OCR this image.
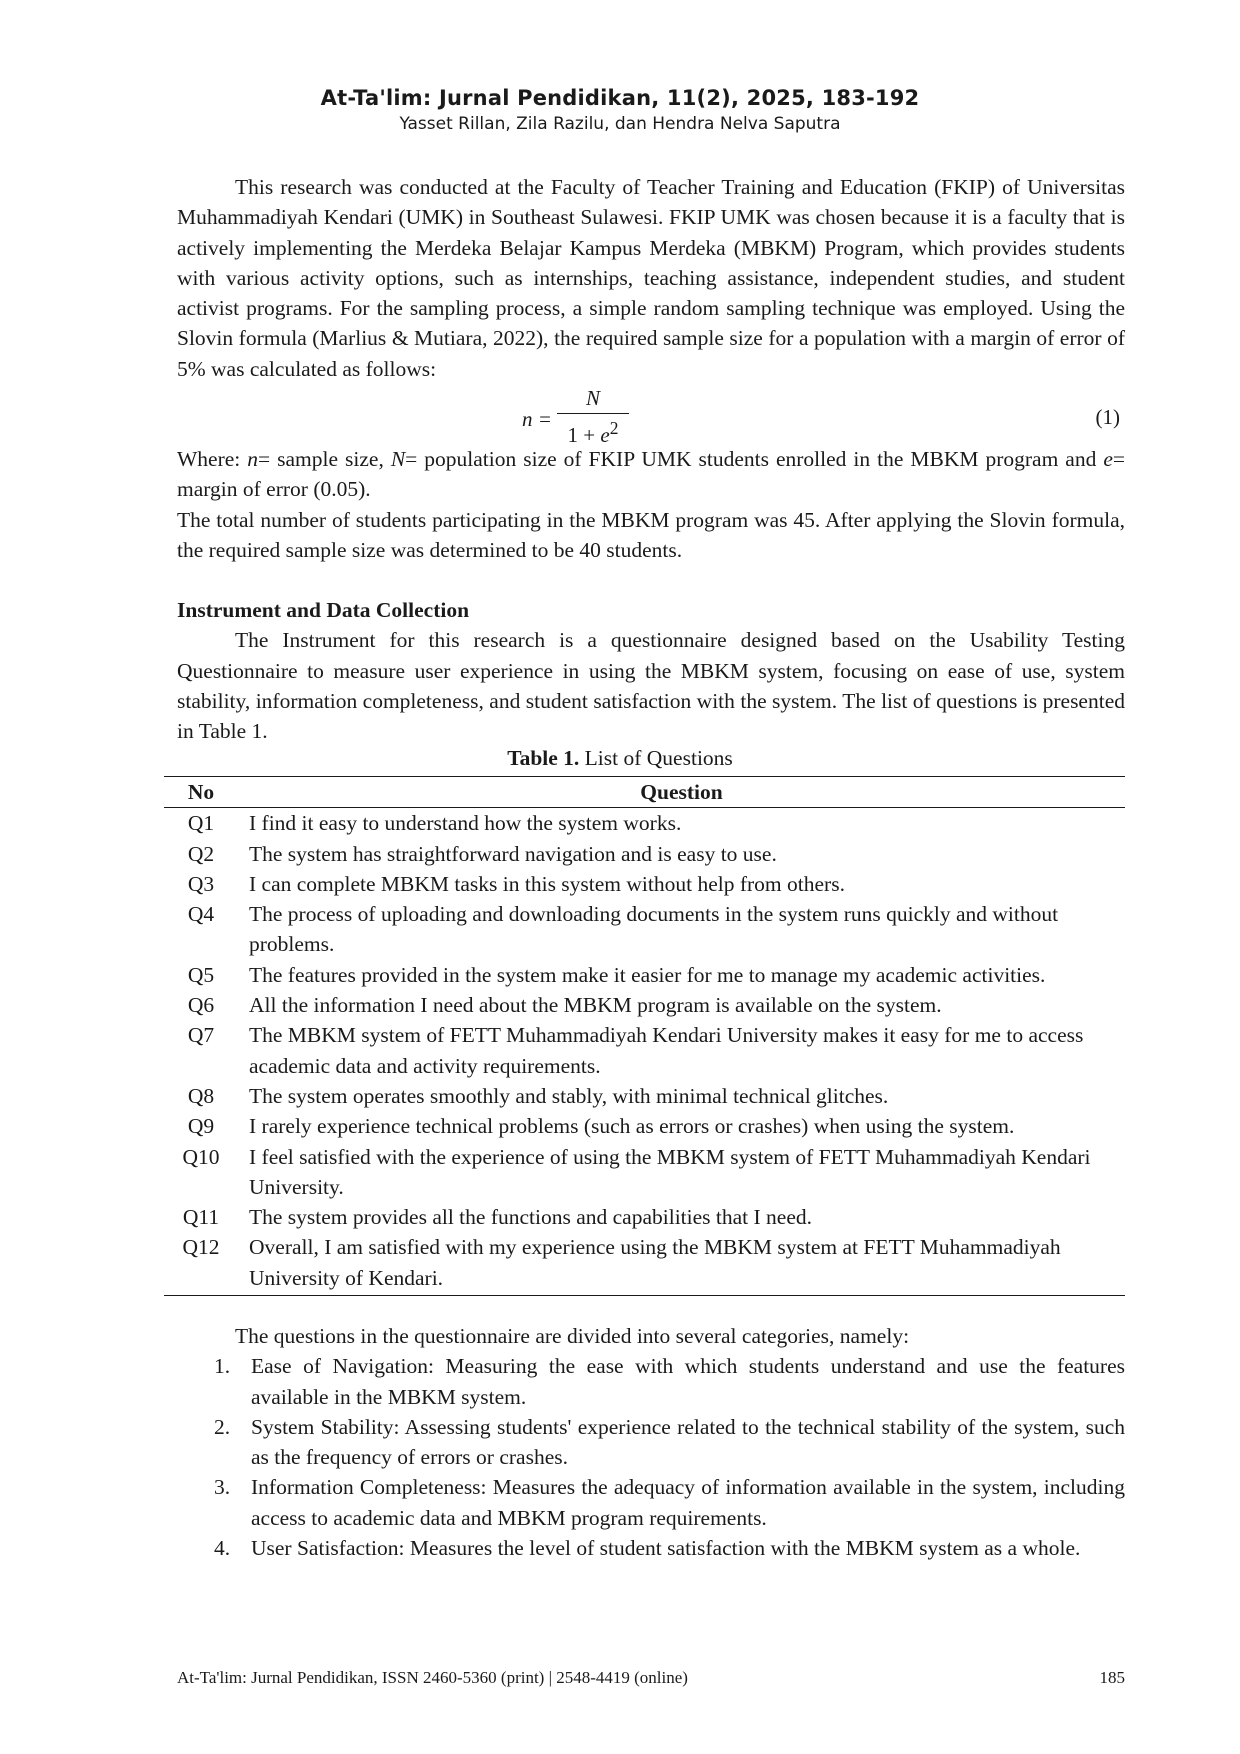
At-Ta'lim: Jurnal Pendidikan, 11(2), 2025, 183-192
Yasset Rillan, Zila Razilu, dan Hendra Nelva Saputra

This research was conducted at the Faculty of Teacher Training and Education (FKIP) of Universitas Muhammadiyah Kendari (UMK) in Southeast Sulawesi. FKIP UMK was chosen because it is a faculty that is actively implementing the Merdeka Belajar Kampus Merdeka (MBKM) Program, which provides students with various activity options, such as internships, teaching assistance, independent studies, and student activist programs. For the sampling process, a simple random sampling technique was employed. Using the Slovin formula (Marlius & Mutiara, 2022), the required sample size for a population with a margin of error of 5% was calculated as follows:

n =
N
$1 + e^2$	(1)

Where: n= sample size, N= population size of FKIP UMK students enrolled in the MBKM program and e= margin of error (0.05).

The total number of students participating in the MBKM program was 45. After applying the Slovin formula, the required sample size was determined to be 40 students.

Instrument and Data Collection

The Instrument for this research is a questionnaire designed based on the Usability Testing Questionnaire to measure user experience in using the MBKM system, focusing on ease of use, system stability, information completeness, and student satisfaction with the system. The list of questions is presented in Table 1.

Table 1. List of Questions
No	Question
Q1	I find it easy to understand how the system works.
Q2	The system has straightforward navigation and is easy to use.
Q3	I can complete MBKM tasks in this system without help from others.
Q4	The process of uploading and downloading documents in the system runs quickly and without problems.
Q5	The features provided in the system make it easier for me to manage my academic activities.
Q6	All the information I need about the MBKM program is available on the system.
Q7	The MBKM system of FETT Muhammadiyah Kendari University makes it easy for me to access academic data and activity requirements.
Q8	The system operates smoothly and stably, with minimal technical glitches.
Q9	I rarely experience technical problems (such as errors or crashes) when using the system.
Q10	I feel satisfied with the experience of using the MBKM system of FETT Muhammadiyah Kendari University.
Q11	The system provides all the functions and capabilities that I need.
Q12	Overall, I am satisfied with my experience using the MBKM system at FETT Muhammadiyah University of Kendari.

The questions in the questionnaire are divided into several categories, namely:

1. Ease of Navigation: Measuring the ease with which students understand and use the features available in the MBKM system.
2. System Stability: Assessing students' experience related to the technical stability of the system, such as the frequency of errors or crashes.
3. Information Completeness: Measures the adequacy of information available in the system, including access to academic data and MBKM program requirements.
4. User Satisfaction: Measures the level of student satisfaction with the MBKM system as a whole.
At-Ta'lim: Jurnal Pendidikan, ISSN 2460-5360 (print) | 2548-4419 (online)	185
